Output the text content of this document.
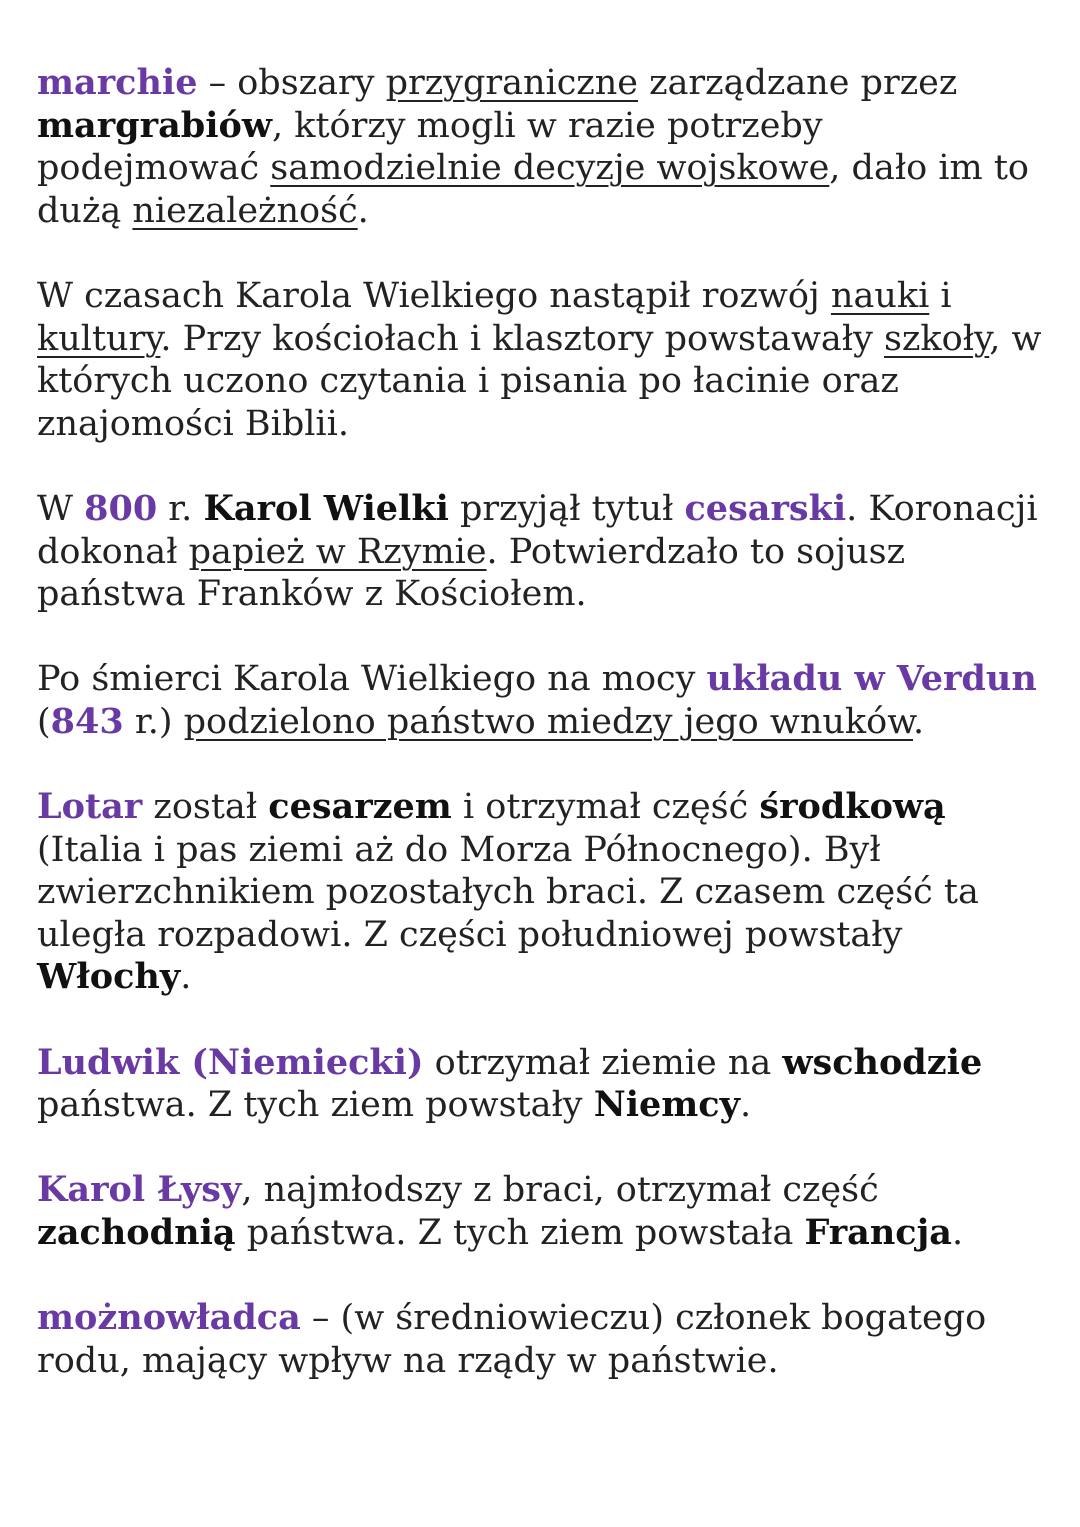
marchie – obszary przygraniczne zarządzane przez margrabiów, którzy mogli w razie potrzeby podejmować samodzielnie decyzje wojskowe, dało im to dużą niezależność.

W czasach Karola Wielkiego nastąpił rozwój nauki i kultury. Przy kościołach i klasztory powstawały szkoły, w których uczono czytania i pisania po łacinie oraz znajomości Biblii.

W 800 r. Karol Wielki przyjął tytuł cesarski. Koronacji dokonał papież w Rzymie. Potwierdzało to sojusz państwa Franków z Kościołem.

Po śmierci Karola Wielkiego na mocy układu w Verdun
(843 r.) podzielono państwo miedzy jego wnuków.

Lotar został cesarzem i otrzymał część środkową (Italia i pas ziemi aż do Morza Północnego). Był zwierzchnikiem pozostałych braci. Z czasem część ta uległa rozpadowi. Z części południowej powstały Włochy.

Ludwik (Niemiecki) otrzymał ziemie na wschodzie państwa. Z tych ziem powstały Niemcy.

Karol Łysy, najmłodszy z braci, otrzymał część zachodnią państwa. Z tych ziem powstała Francja.

możnowładca – (w średniowieczu) członek bogatego rodu, mający wpływ na rządy w państwie.
